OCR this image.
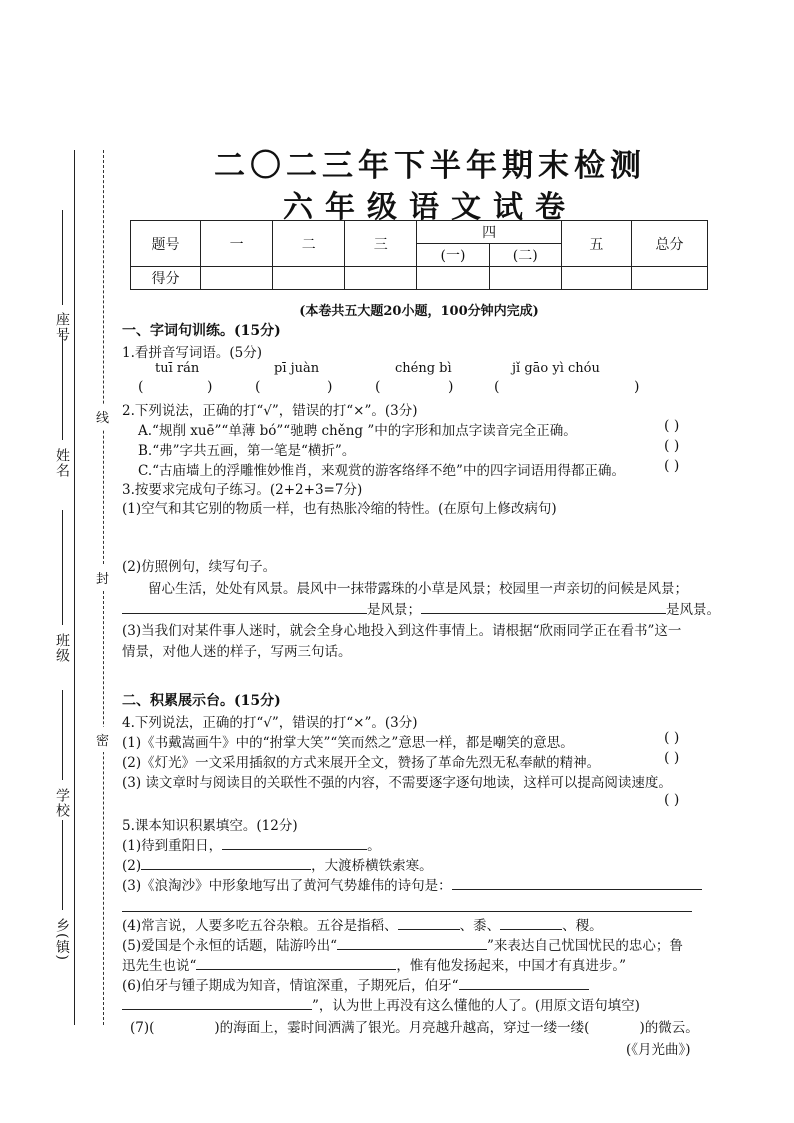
座号
姓名
班级
学校
乡(镇)
线
封
密
二〇二三年下半年期末检测
六年级语文试卷
题号	一	二	三	四		五	总分
				(一)	(二)		
得分							
(本卷共五大题20小题，100分钟内完成)
一、字词句训练。(15分)
1.看拼音写词语。(5分)
tuī rán	pī juàn	chéng bì	jǐ gāo yì chóu
(	)	(	)	(	)	(	)
2.下列说法，正确的打“√”，错误的打“×”。(3分)
A.“规削 xuē”“单薄 bó”“驰聘 chěng ”中的字形和加点字读音完全正确。	( )
B.“弗”字共五画，第一笔是“横折”。	( )
C.“古庙墙上的浮雕惟妙惟肖，来观赏的游客络绎不绝”中的四字词语用得都正确。	( )
3.按要求完成句子练习。(2+2+3=7分)
(1)空气和其它别的物质一样，也有热胀冷缩的特性。(在原句上修改病句)
(2)仿照例句，续写句子。
留心生活，处处有风景。晨风中一抹带露珠的小草是风景；校园里一声亲切的问候是风景；
是风景；	是风景。
(3)当我们对某件事人迷时，就会全身心地投入到这件事情上。请根据“欣雨同学正在看书”这一
情景，对他人迷的样子，写两三句话。
二、积累展示台。(15分)
4.下列说法，正确的打“√”，错误的打“×”。(3分)
(1)《书戴嵩画牛》中的“拊掌大笑”“笑而然之”意思一样，都是嘲笑的意思。	( )
(2)《灯光》一文采用插叙的方式来展开全文，赞扬了革命先烈无私奉献的精神。	( )
(3) 读文章时与阅读目的关联性不强的内容，不需要逐字逐句地读，这样可以提高阅读速度。
( )
5.课本知识积累填空。(12分)
(1)待到重阳日，	。
(2)	，大渡桥横铁索寒。
(3)《浪淘沙》中形象地写出了黄河气势雄伟的诗句是：
(4)常言说，人要多吃五谷杂粮。五谷是指稻、	、黍、	、稷。
(5)爱国是个永恒的话题，陆游吟出“	”来表达自己忧国忧民的忠心；鲁
迅先生也说“	，惟有他发扬起来，中国才有真进步。”
(6)伯牙与锺子期成为知音，情谊深重，子期死后，伯牙“
”，认为世上再没有这么懂他的人了。(用原文语句填空)
(7)(	)的海面上，霎时间洒满了银光。月亮越升越高，穿过一缕一缕(	)的微云。
(《月光曲》)
